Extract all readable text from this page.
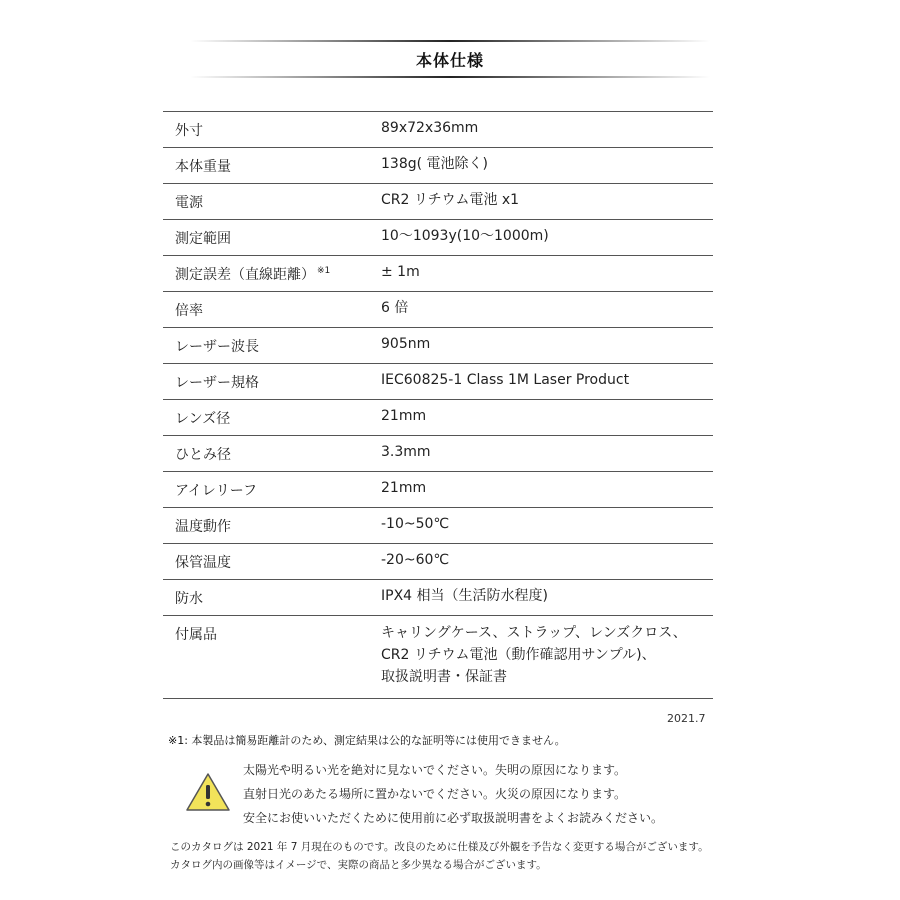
本体仕様
外寸	89x72x36mm
本体重量	138g( 電池除く)
電源	CR2 リチウム電池 x1
測定範囲	10～1093y(10～1000m)
測定誤差（直線距離） $^{※1}$	± 1m
倍率	6 倍
レーザー波長	905nm
レーザー規格	IEC60825-1 Class 1M Laser Product
レンズ径	21mm
ひとみ径	3.3mm
アイレリーフ	21mm
温度動作	-10~50℃
保管温度	-20~60℃
防水	IPX4 相当（生活防水程度)
付属品	キャリングケース、ストラップ、レンズクロス、
CR2 リチウム電池（動作確認用サンプル)、
取扱説明書・保証書
2021.7
※1: 本製品は簡易距離計のため、測定結果は公的な証明等には使用できません。
太陽光や明るい光を絶対に見ないでください。失明の原因になります。
直射日光のあたる場所に置かないでください。火災の原因になります。
安全にお使いいただくために使用前に必ず取扱説明書をよくお読みください。
このカタログは 2021 年 7 月現在のものです。改良のために仕様及び外観を予告なく変更する場合がございます。
カタログ内の画像等はイメージで、実際の商品と多少異なる場合がございます。
